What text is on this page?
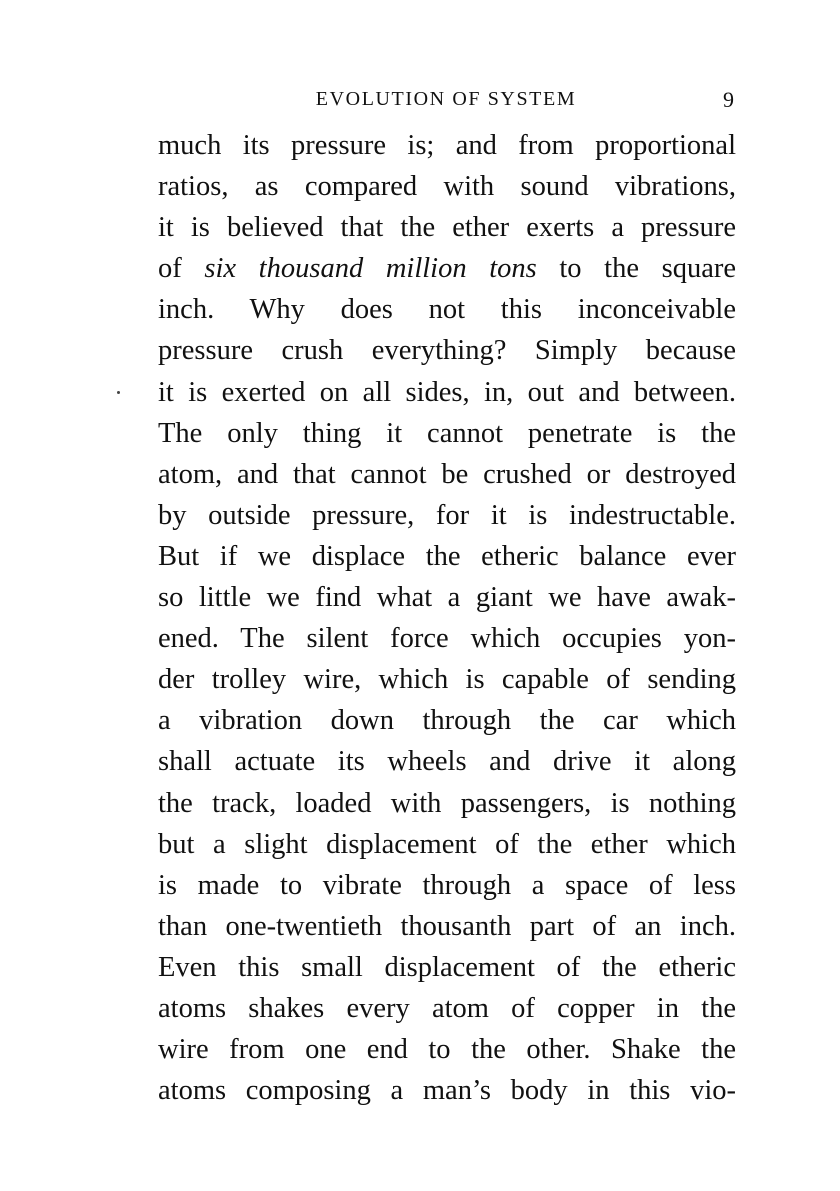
EVOLUTION OF SYSTEM	9
much its pressure is; and from proportional
ratios, as compared with sound vibrations,
it is believed that the ether exerts a pressure
of six thousand million tons to the square
inch. Why does not this inconceivable
pressure crush everything? Simply because
it is exerted on all sides, in, out and between.
The only thing it cannot penetrate is the
atom, and that cannot be crushed or destroyed
by outside pressure, for it is indestructable.
But if we displace the etheric balance ever
so little we find what a giant we have awak-
ened. The silent force which occupies yon-
der trolley wire, which is capable of sending
a vibration down through the car which
shall actuate its wheels and drive it along
the track, loaded with passengers, is nothing
but a slight displacement of the ether which
is made to vibrate through a space of less
than one-twentieth thousanth part of an inch.
Even this small displacement of the etheric
atoms shakes every atom of copper in the
wire from one end to the other. Shake the
atoms composing a man’s body in this vio-
